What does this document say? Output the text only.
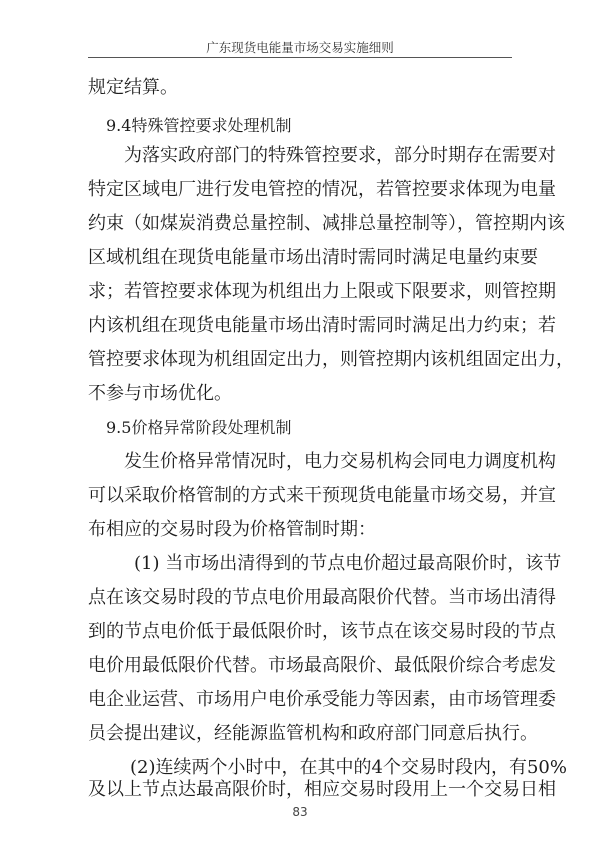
广东现货电能量市场交易实施细则
规定结算。
9.4特殊管控要求处理机制
为落实政府部门的特殊管控要求，部分时期存在需要对
特定区域电厂进行发电管控的情况，若管控要求体现为电量
约束（如煤炭消费总量控制、减排总量控制等），管控期内该
区域机组在现货电能量市场出清时需同时满足电量约束要
求；若管控要求体现为机组出力上限或下限要求，则管控期
内该机组在现货电能量市场出清时需同时满足出力约束；若
管控要求体现为机组固定出力，则管控期内该机组固定出力，
不参与市场优化。
9.5价格异常阶段处理机制
发生价格异常情况时，电力交易机构会同电力调度机构
可以采取价格管制的方式来干预现货电能量市场交易，并宣
布相应的交易时段为价格管制时期：
(1) 当市场出清得到的节点电价超过最高限价时，该节
点在该交易时段的节点电价用最高限价代替。当市场出清得
到的节点电价低于最低限价时，该节点在该交易时段的节点
电价用最低限价代替。市场最高限价、最低限价综合考虑发
电企业运营、市场用户电价承受能力等因素，由市场管理委
员会提出建议，经能源监管机构和政府部门同意后执行。
(2)连续两个小时中，在其中的4个交易时段内，有50%
及以上节点达最高限价时，相应交易时段用上一个交易日相
83
